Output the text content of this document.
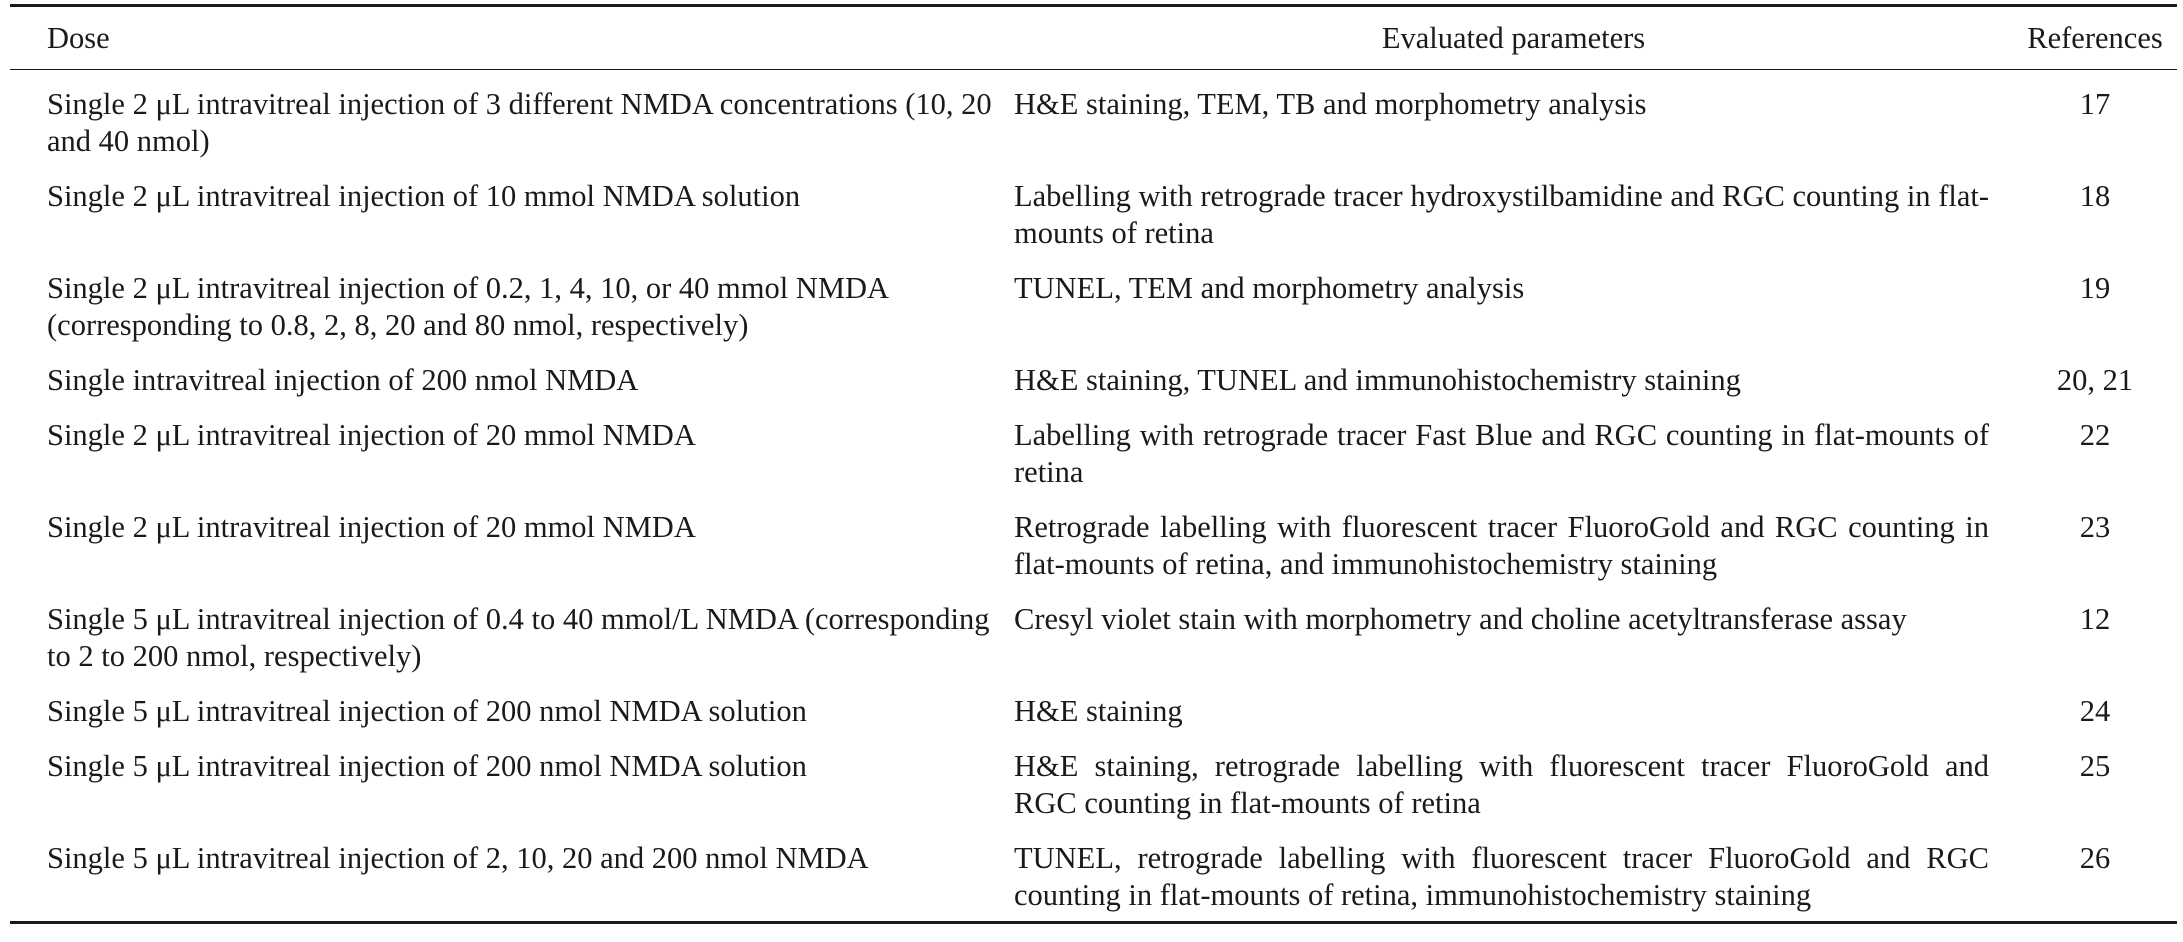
Dose	Evaluated parameters	References
Single 2 μL intravitreal injection of 3 different NMDA concentrations (10, 20 and 40 nmol)	H&E staining, TEM, TB and morphometry analysis	17
Single 2 μL intravitreal injection of 10 mmol NMDA solution	Labelling with retrograde tracer hydroxystilbamidine and RGC counting in flat-mounts of retina	18
Single 2 μL intravitreal injection of 0.2, 1, 4, 10, or 40 mmol NMDA (corresponding to 0.8, 2, 8, 20 and 80 nmol, respectively)	TUNEL, TEM and morphometry analysis	19
Single intravitreal injection of 200 nmol NMDA	H&E staining, TUNEL and immunohistochemistry staining	20, 21
Single 2 μL intravitreal injection of 20 mmol NMDA	Labelling with retrograde tracer Fast Blue and RGC counting in flat-mounts of retina	22
Single 2 μL intravitreal injection of 20 mmol NMDA	Retrograde labelling with fluorescent tracer FluoroGold and RGC counting in flat-mounts of retina, and immunohistochemistry staining	23
Single 5 μL intravitreal injection of 0.4 to 40 mmol/L NMDA (corresponding to 2 to 200 nmol, respectively)	Cresyl violet stain with morphometry and choline acetyltransferase assay	12
Single 5 μL intravitreal injection of 200 nmol NMDA solution	H&E staining	24
Single 5 μL intravitreal injection of 200 nmol NMDA solution	H&E staining, retrograde labelling with fluorescent tracer FluoroGold and RGC counting in flat-mounts of retina	25
Single 5 μL intravitreal injection of 2, 10, 20 and 200 nmol NMDA	TUNEL, retrograde labelling with fluorescent tracer FluoroGold and RGC counting in flat-mounts of retina, immunohistochemistry staining	26
